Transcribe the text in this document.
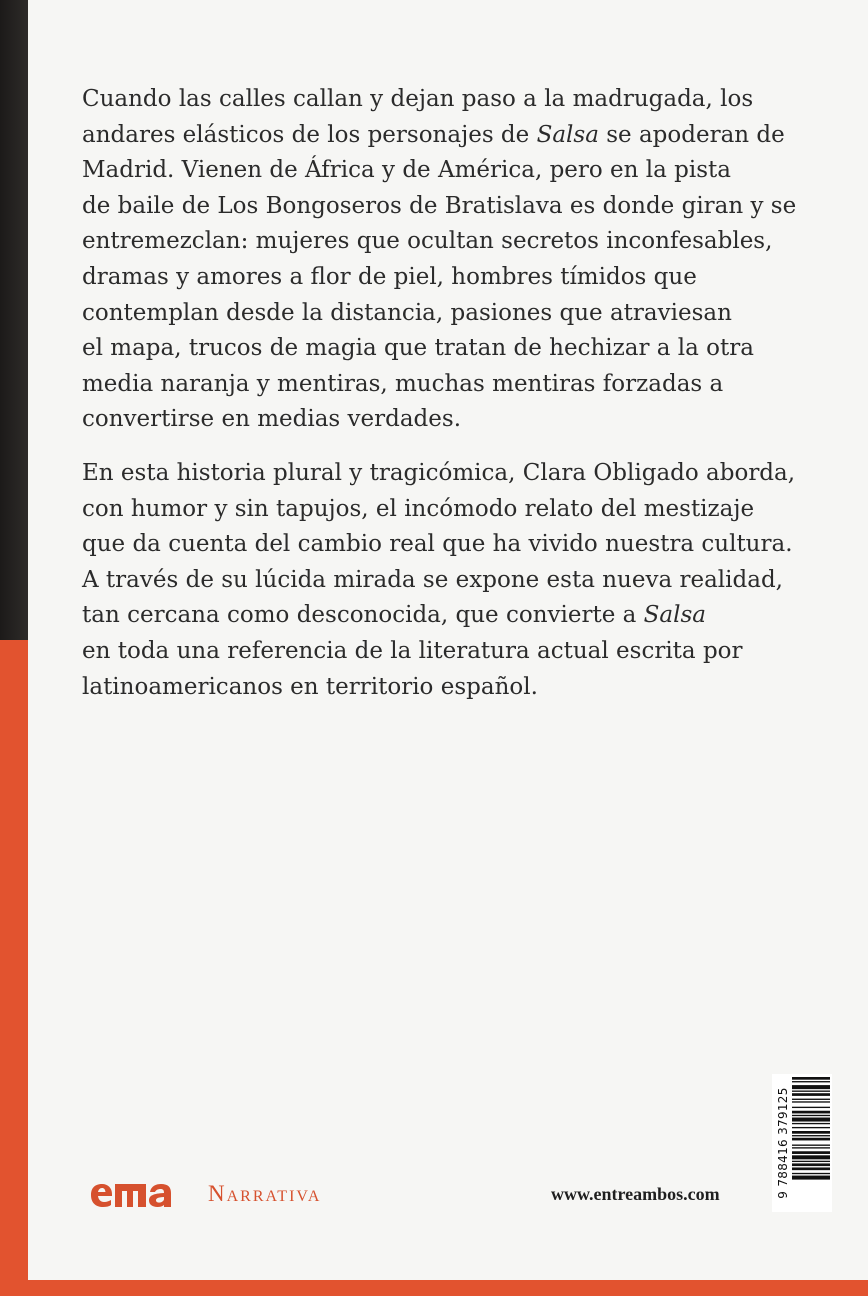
Cuando las calles callan y dejan paso a la madrugada, los
andares elásticos de los personajes de Salsa se apoderan de
Madrid. Vienen de África y de América, pero en la pista
de baile de Los Bongoseros de Bratislava es donde giran y se
entremezclan: mujeres que ocultan secretos inconfesables,
dramas y amores a flor de piel, hombres tímidos que
contemplan desde la distancia, pasiones que atraviesan
el mapa, trucos de magia que tratan de hechizar a la otra
media naranja y mentiras, muchas mentiras forzadas a
convertirse en medias verdades.
En esta historia plural y tragicómica, Clara Obligado aborda,
con humor y sin tapujos, el incómodo relato del mestizaje
que da cuenta del cambio real que ha vivido nuestra cultura.
A través de su lúcida mirada se expone esta nueva realidad,
tan cercana como desconocida, que convierte a Salsa
en toda una referencia de la literatura actual escrita por
latinoamericanos en territorio español.
Narrativa	www.entreambos.com	9 788416 379125
